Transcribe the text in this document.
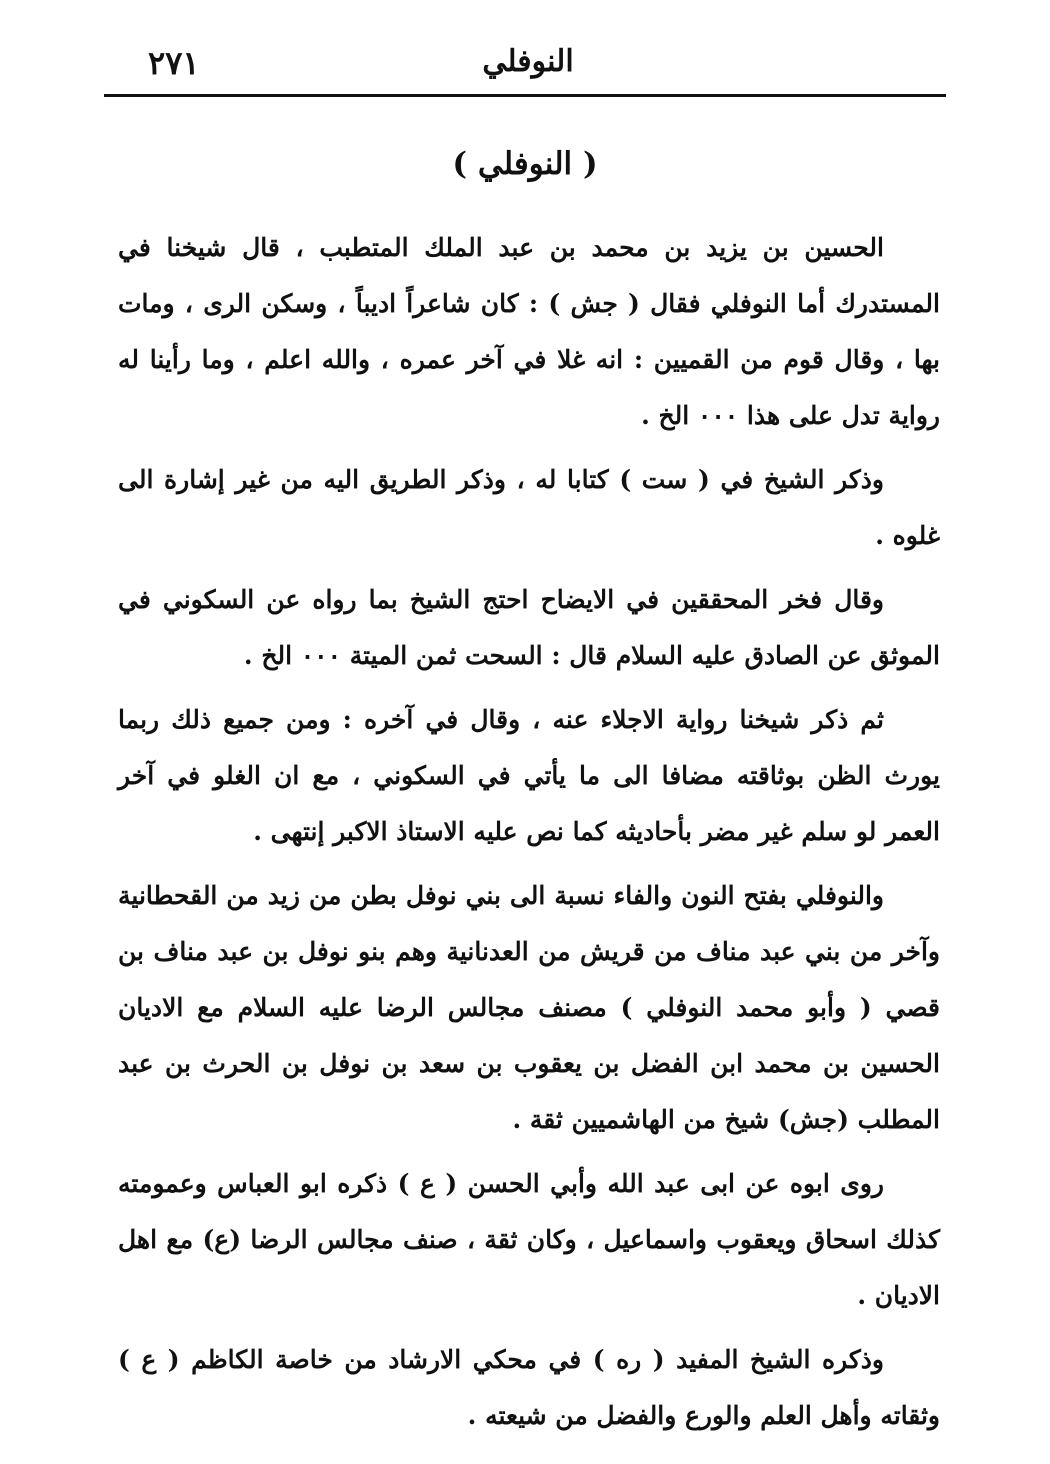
٢٧١	النوفلي
( النوفلي )

الحسين بن يزيد بن محمد بن عبد الملك المتطبب ، قال شيخنا في المستدرك أما النوفلي فقال ( جش ) : كان شاعراً اديباً ، وسكن الرى ، ومات بها ، وقال قوم من القميين : انه غلا في آخر عمره ، والله اعلم ، وما رأينا له رواية تدل على هذا ٠٠٠ الخ .

وذكر الشيخ في ( ست ) كتابا له ، وذكر الطريق اليه من غير إشارة الى غلوه .

وقال فخر المحققين في الايضاح احتج الشيخ بما رواه عن السكوني في الموثق عن الصادق عليه السلام قال : السحت ثمن الميتة ٠٠٠ الخ .

ثم ذكر شيخنا رواية الاجلاء عنه ، وقال في آخره : ومن جميع ذلك ربما يورث الظن بوثاقته مضافا الى ما يأتي في السكوني ، مع ان الغلو في آخر العمر لو سلم غير مضر بأحاديثه كما نص عليه الاستاذ الاكبر إنتهى .

والنوفلي بفتح النون والفاء نسبة الى بني نوفل بطن من زيد من القحطانية وآخر من بني عبد مناف من قريش من العدنانية وهم بنو نوفل بن عبد مناف بن قصي ( وأبو محمد النوفلي ) مصنف مجالس الرضا عليه السلام مع الاديان الحسين بن محمد ابن الفضل بن يعقوب بن سعد بن نوفل بن الحرث بن عبد المطلب (جش) شيخ من الهاشميين ثقة .

روى ابوه عن ابى عبد الله وأبي الحسن ( ع ) ذكره ابو العباس وعمومته كذلك اسحاق ويعقوب واسماعيل ، وكان ثقة ، صنف مجالس الرضا (ع) مع اهل الاديان .

وذكره الشيخ المفيد ( ره ) في محكي الارشاد من خاصة الكاظم ( ع ) وثقاته وأهل العلم والورع والفضل من شيعته .
